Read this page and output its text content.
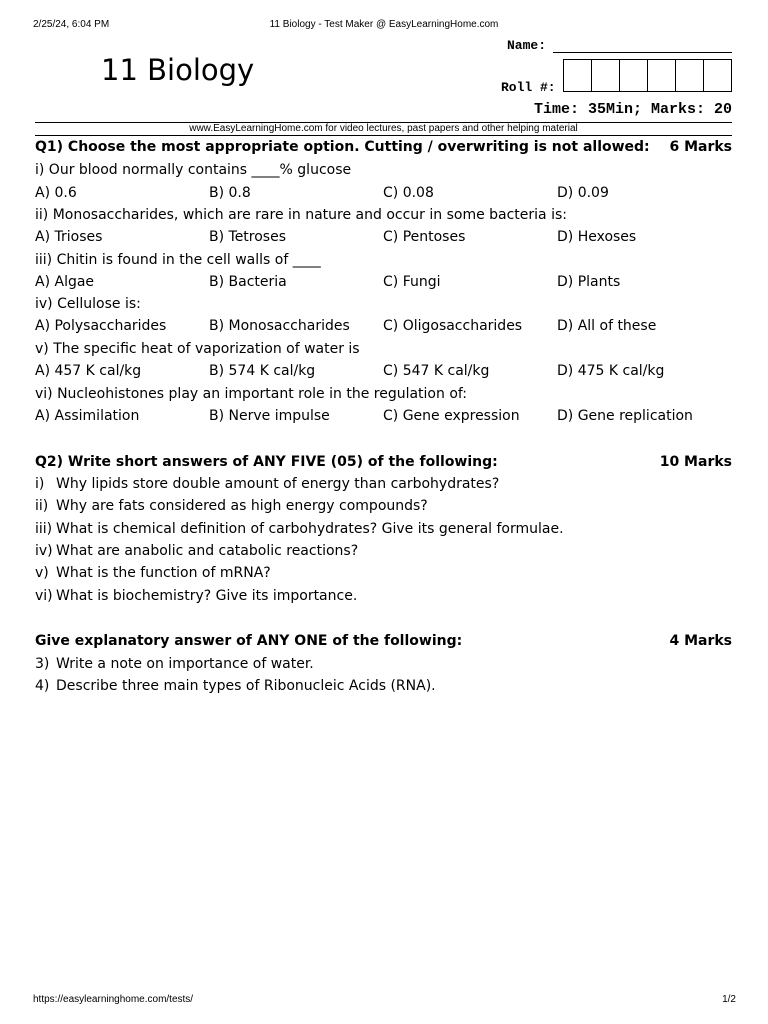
2/25/24, 6:04 PM	11 Biology - Test Maker @ EasyLearningHome.com
11 Biology
Name:
Roll #:
Time: 35Min; Marks: 20
www.EasyLearningHome.com for video lectures, past papers and other helping material
Q1) Choose the most appropriate option. Cutting / overwriting is not allowed: 6 Marks
i) Our blood normally contains ____% glucose
A) 0.6	B) 0.8	C) 0.08	D) 0.09
ii) Monosaccharides, which are rare in nature and occur in some bacteria is:
A) Trioses	B) Tetroses	C) Pentoses	D) Hexoses
iii) Chitin is found in the cell walls of ____
A) Algae	B) Bacteria	C) Fungi	D) Plants
iv) Cellulose is:
A) Polysaccharides	B) Monosaccharides C) Oligosaccharides D) All of these
v) The specific heat of vaporization of water is
A) 457 K cal/kg	B) 574 K cal/kg	C) 547 K cal/kg	D) 475 K cal/kg
vi) Nucleohistones play an important role in the regulation of:
A) Assimilation	B) Nerve impulse	C) Gene expression	D) Gene replication
Q2) Write short answers of ANY FIVE (05) of the following:	10 Marks
i) Why lipids store double amount of energy than carbohydrates?
ii) Why are fats considered as high energy compounds?
iii) What is chemical definition of carbohydrates? Give its general formulae.
iv) What are anabolic and catabolic reactions?
v) What is the function of mRNA?
vi) What is biochemistry? Give its importance.
Give explanatory answer of ANY ONE of the following:	4 Marks
3) Write a note on importance of water.
4) Describe three main types of Ribonucleic Acids (RNA).
https://easylearninghome.com/tests/	1/2
